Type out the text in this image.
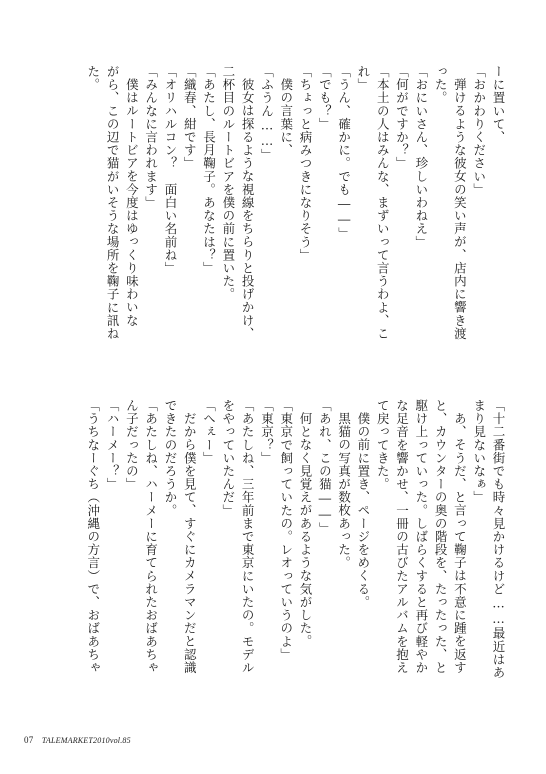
ーに置いて、
「おかわりください」
弾けるような彼女の笑い声が、店内に響き渡
った。
「おにいさん、珍しいわねえ」
「何がですか？」
「本土の人はみんな、まずいって言うわよ、こ
れ」
「うん、確かに。でも――」
「でも？」
「ちょっと病みつきになりそう」
僕の言葉に、
「ふうん……」
彼女は探るような視線をちらりと投げかけ、
二杯目のルートビアを僕の前に置いた。
「あたし、長月鞠子。あなたは？」
「織春、紺です」
「オリハルコン？　面白い名前ね」
「みんなに言われます」
僕はルートビアを今度はゆっくり味わいな
がら、この辺で猫がいそうな場所を鞠子に訊ね
た。
「十二番街でも時々見かけるけど……最近はあ
まり見ないなぁ」
あ、そうだ、と言って鞠子は不意に踵を返す
と、カウンターの奥の階段を、たったった、と
駆け上っていった。しばらくすると再び軽やか
な足音を響かせ、一冊の古びたアルバムを抱え
て戻ってきた。
僕の前に置き、ページをめくる。
黒猫の写真が数枚あった。
「あれ、この猫――」
何となく見覚えがあるような気がした。
「東京で飼っていたの。レオっていうのよ」
「東京？」
「あたしね、三年前まで東京にいたの。モデル
をやっていたんだ」
「へぇー」
だから僕を見て、すぐにカメラマンだと認識
できたのだろうか。
「あたしね、ハーメーに育てられたおばあちゃ
ん子だったの」
「ハーメー？」
「うちなーぐち（沖縄の方言）で、おばあちゃ
07 TALEMARKET2010vol.85
